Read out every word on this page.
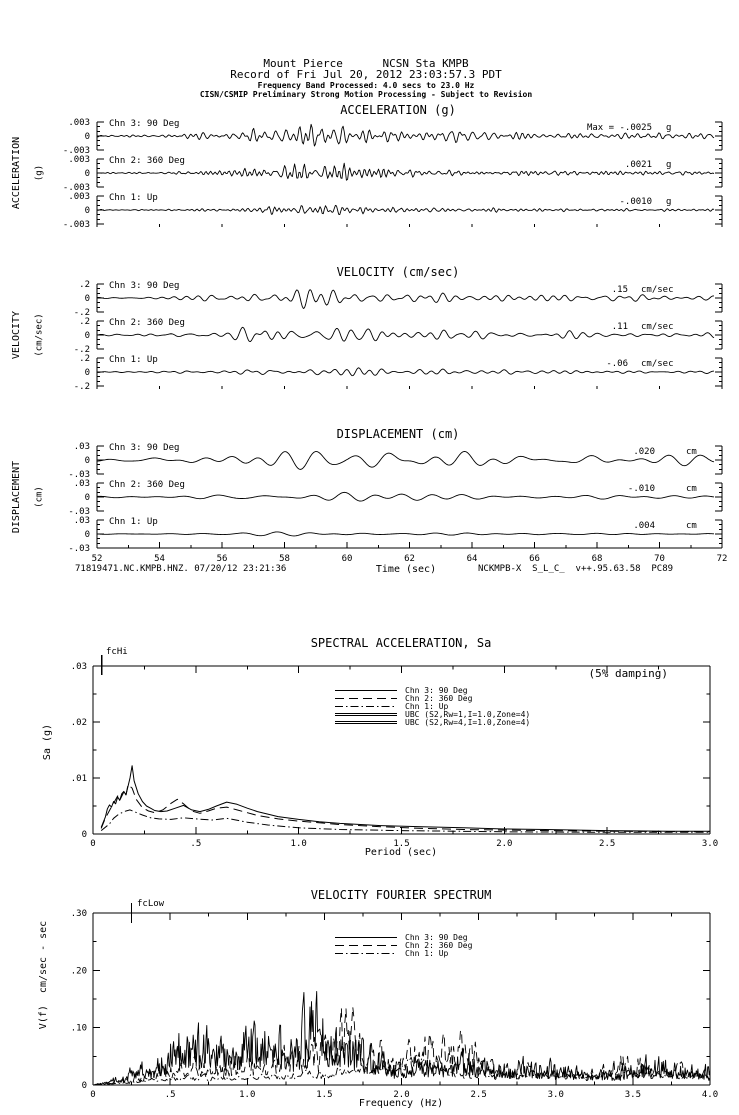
.003
0
-.003
Chn 3: 90 Deg	Max = -.0025 g
.003
0
-.003
Chn 2: 360 Deg	.0021 g
.003
0
-.003
Chn 1: Up	-.0010 g
.2
0
-.2
Chn 3: 90 Deg	.15 cm/sec
.2
0
-.2
Chn 2: 360 Deg	.11 cm/sec
.2
0
-.2
Chn 1: Up	-.06 cm/sec
.03
0
-.03
Chn 3: 90 Deg	.020	cm
.03
0
-.03
Chn 2: 360 Deg	-.010	cm
.03
0
-.03
Chn 1: Up	.004	cm
52	54	56	58	60	62	64	66	68	70	72
0	.5	1.0	1.5	2.0	2.5	3.0
0
.01
.02
.03
0	.5	1.0	1.5	2.0	2.5	3.0	3.5	4.0
0
.10
.20
.30
Mount Pierce      NCSN Sta KMPB
Record of Fri Jul 20, 2012 23:03:57.3 PDT
Frequency Band Processed: 4.0 secs to 23.0 Hz
CISN/CSMIP Preliminary Strong Motion Processing - Subject to Revision
ACCELERATION (g)
VELOCITY (cm/sec)
DISPLACEMENT (cm)
SPECTRAL ACCELERATION, Sa
VELOCITY FOURIER SPECTRUM
ACCELERATION (g)
VELOCITY (cm/sec)
DISPLACEMENT (cm)
Sa (g)
V(f)  cm/sec - sec
71819471.NC.KMPB.HNZ. 07/20/12 23:21:36	Time (sec)	NCKMPB-X  S_L_C_  v++.95.63.58  PC89
fcHi
(5% damping)
Chn 3: 90 Deg
Chn 2: 360 Deg
Chn 1: Up
UBC (S2,Rw=1,I=1.0,Zone=4)
UBC (S2,Rw=4,I=1.0,Zone=4)
Period (sec)
fcLow
Chn 3: 90 Deg
Chn 2: 360 Deg
Chn 1: Up
Frequency (Hz)
